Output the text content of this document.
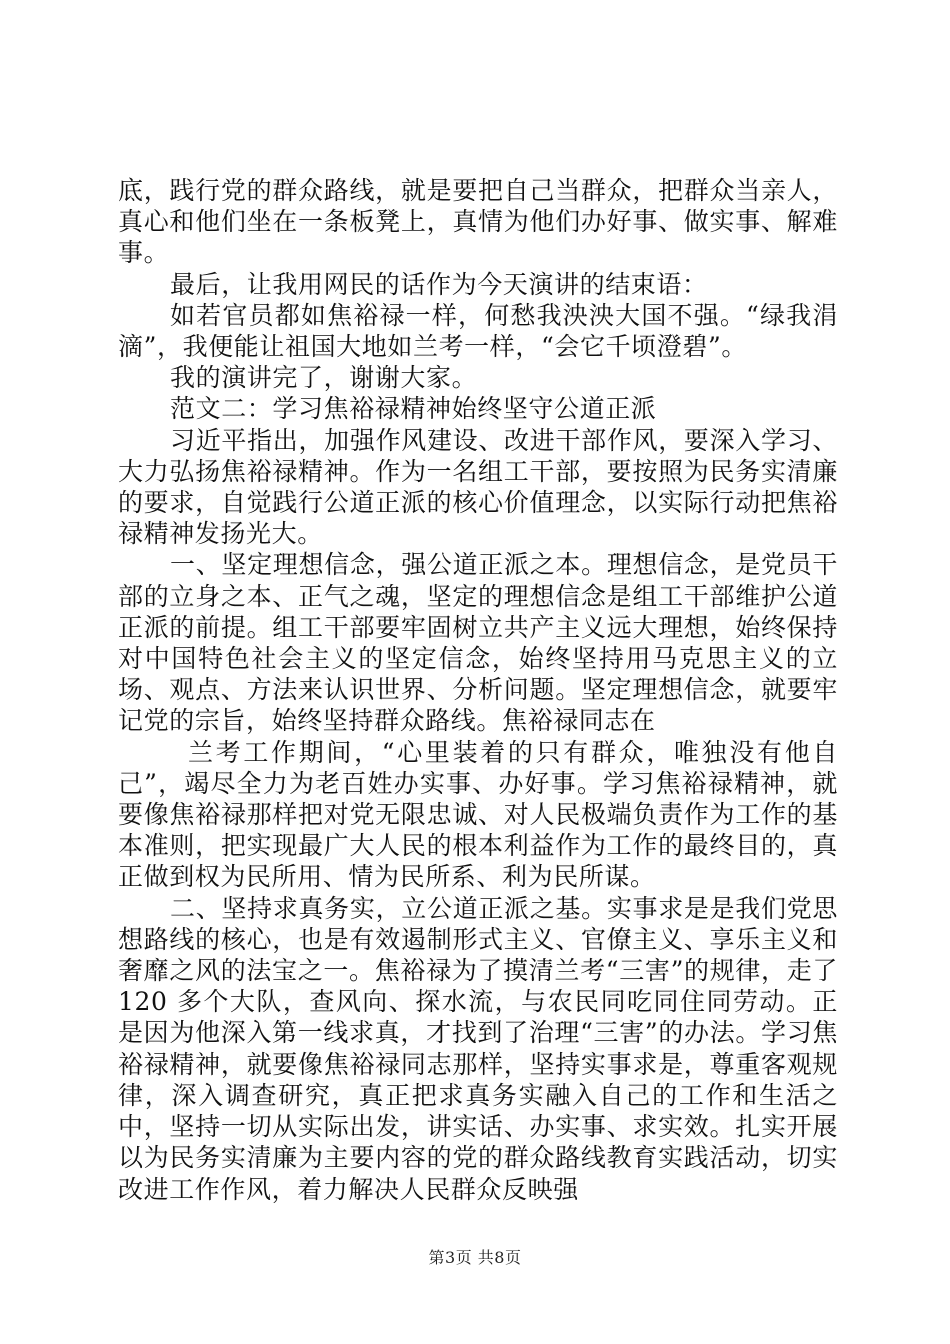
底，践行党的群众路线，就是要把自己当群众，把群众当亲人，真心和他们坐在一条板凳上，真情为他们办好事、做实事、解难事。

最后，让我用网民的话作为今天演讲的结束语：

如若官员都如焦裕禄一样，何愁我泱泱大国不强。“绿我涓滴”，我便能让祖国大地如兰考一样，“会它千顷澄碧”。

我的演讲完了，谢谢大家。

范文二：学习焦裕禄精神始终坚守公道正派

习近平指出，加强作风建设、改进干部作风，要深入学习、大力弘扬焦裕禄精神。作为一名组工干部，要按照为民务实清廉的要求，自觉践行公道正派的核心价值理念，以实际行动把焦裕禄精神发扬光大。

一、坚定理想信念，强公道正派之本。理想信念，是党员干部的立身之本、正气之魂，坚定的理想信念是组工干部维护公道正派的前提。组工干部要牢固树立共产主义远大理想，始终保持对中国特色社会主义的坚定信念，始终坚持用马克思主义的立场、观点、方法来认识世界、分析问题。坚定理想信念，就要牢记党的宗旨，始终坚持群众路线。焦裕禄同志在

兰考工作期间，“心里装着的只有群众，唯独没有他自己”，竭尽全力为老百姓办实事、办好事。学习焦裕禄精神，就要像焦裕禄那样把对党无限忠诚、对人民极端负责作为工作的基本准则，把实现最广大人民的根本利益作为工作的最终目的，真正做到权为民所用、情为民所系、利为民所谋。

二、坚持求真务实，立公道正派之基。实事求是是我们党思想路线的核心，也是有效遏制形式主义、官僚主义、享乐主义和奢靡之风的法宝之一。焦裕禄为了摸清兰考“三害”的规律，走了 120 多个大队，查风向、探水流，与农民同吃同住同劳动。正是因为他深入第一线求真，才找到了治理“三害”的办法。学习焦裕禄精神，就要像焦裕禄同志那样，坚持实事求是，尊重客观规律，深入调查研究，真正把求真务实融入自己的工作和生活之中，坚持一切从实际出发，讲实话、办实事、求实效。扎实开展以为民务实清廉为主要内容的党的群众路线教育实践活动，切实改进工作作风，着力解决人民群众反映强

第3页 共8页
